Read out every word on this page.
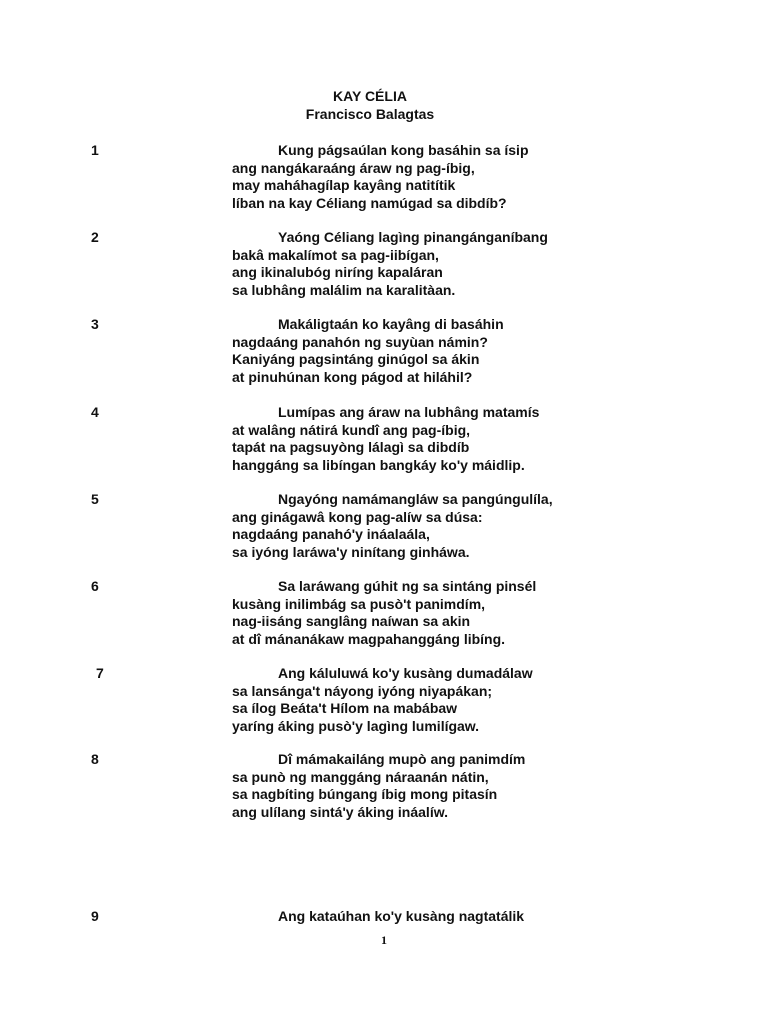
KAY CÉLIA
Francisco Balagtas
1	Kung págsaúlan kong basáhin sa ísip
ang nangákaraáng áraw ng pag-íbig,
may maháhagílap kayâng natitítik
líban na kay Céliang namúgad sa dibdíb?
2	Yaóng Céliang lagìng pinangánganíbang
bakâ makalímot sa pag-iibígan,
ang ikinalubóg niríng kapaláran
sa lubhâng malálim na karalitàan.
3	Makáligtaán ko kayâng di basáhin
nagdaáng panahón ng suyùan námin?
Kaniyáng pagsintáng ginúgol sa ákin
at pinuhúnan kong págod at hiláhil?
4	Lumípas ang áraw na lubhâng matamís
at walâng nátirá kundî ang pag-íbig,
tapát na pagsuyòng lálagì sa dibdíb
hanggáng sa libíngan bangkáy ko'y máidlip.
5	Ngayóng namámangláw sa pangúngulíla,
ang ginágawâ kong pag-alíw sa dúsa:
nagdaáng panahó'y ináalaála,
sa iyóng laráwa'y ninítang ginháwa.
6	Sa laráwang gúhit ng sa sintáng pinsél
kusàng inilimbág sa pusò't panimdím,
nag-iisáng sanglâng naíwan sa akin
at dî mánanákaw magpahanggáng libíng.
7	Ang káluluwá ko'y kusàng dumadálaw
sa lansánga't náyong iyóng niyapákan;
sa ílog Beáta't Hílom na mabábaw
yaríng áking pusò'y lagìng lumilígaw.
8	Dî mámakailáng mupò ang panimdím
sa punò ng manggáng náraanán nátin,
sa nagbíting búngang íbig mong pitasín
ang ulílang sintá'y áking ináalíw.
9	Ang kataúhan ko'y kusàng nagtatálik
1
